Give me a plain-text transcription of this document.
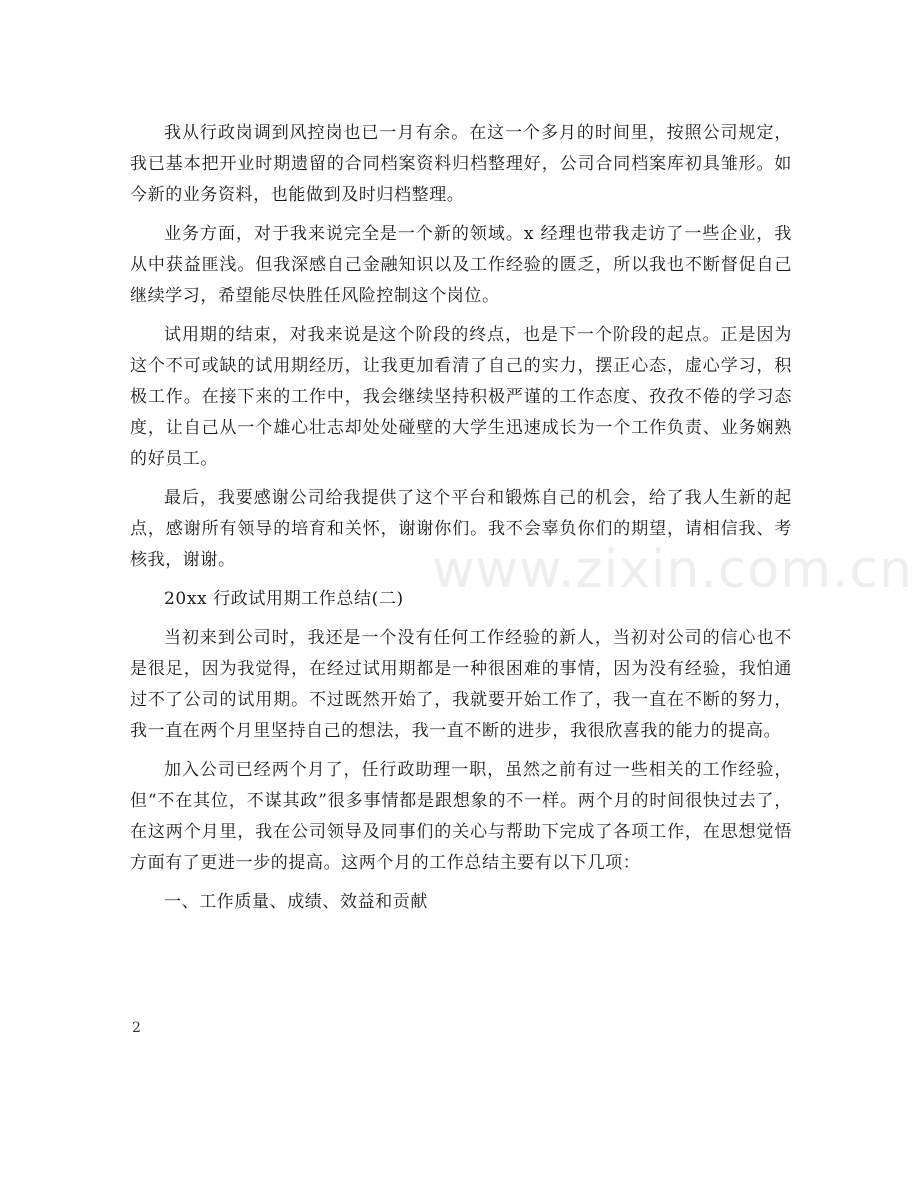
我从行政岗调到风控岗也已一月有余。在这一个多月的时间里，按照公司规定，我已基本把开业时期遗留的合同档案资料归档整理好，公司合同档案库初具雏形。如今新的业务资料，也能做到及时归档整理。

业务方面，对于我来说完全是一个新的领域。x 经理也带我走访了一些企业，我从中获益匪浅。但我深感自己金融知识以及工作经验的匮乏，所以我也不断督促自己继续学习，希望能尽快胜任风险控制这个岗位。

试用期的结束，对我来说是这个阶段的终点，也是下一个阶段的起点。正是因为这个不可或缺的试用期经历，让我更加看清了自己的实力，摆正心态，虚心学习，积极工作。在接下来的工作中，我会继续坚持积极严谨的工作态度、孜孜不倦的学习态度，让自己从一个雄心壮志却处处碰壁的大学生迅速成长为一个工作负责、业务娴熟的好员工。

最后，我要感谢公司给我提供了这个平台和锻炼自己的机会，给了我人生新的起点，感谢所有领导的培育和关怀，谢谢你们。我不会辜负你们的期望，请相信我、考核我，谢谢。

20xx 行政试用期工作总结(二)

当初来到公司时，我还是一个没有任何工作经验的新人，当初对公司的信心也不是很足，因为我觉得，在经过试用期都是一种很困难的事情，因为没有经验，我怕通过不了公司的试用期。不过既然开始了，我就要开始工作了，我一直在不断的努力，我一直在两个月里坚持自己的想法，我一直不断的进步，我很欣喜我的能力的提高。

加入公司已经两个月了，任行政助理一职，虽然之前有过一些相关的工作经验，但“不在其位，不谋其政”很多事情都是跟想象的不一样。两个月的时间很快过去了，在这两个月里，我在公司领导及同事们的关心与帮助下完成了各项工作，在思想觉悟方面有了更进一步的提高。这两个月的工作总结主要有以下几项：

一、工作质量、成绩、效益和贡献

www.zixin.com.cn
2
